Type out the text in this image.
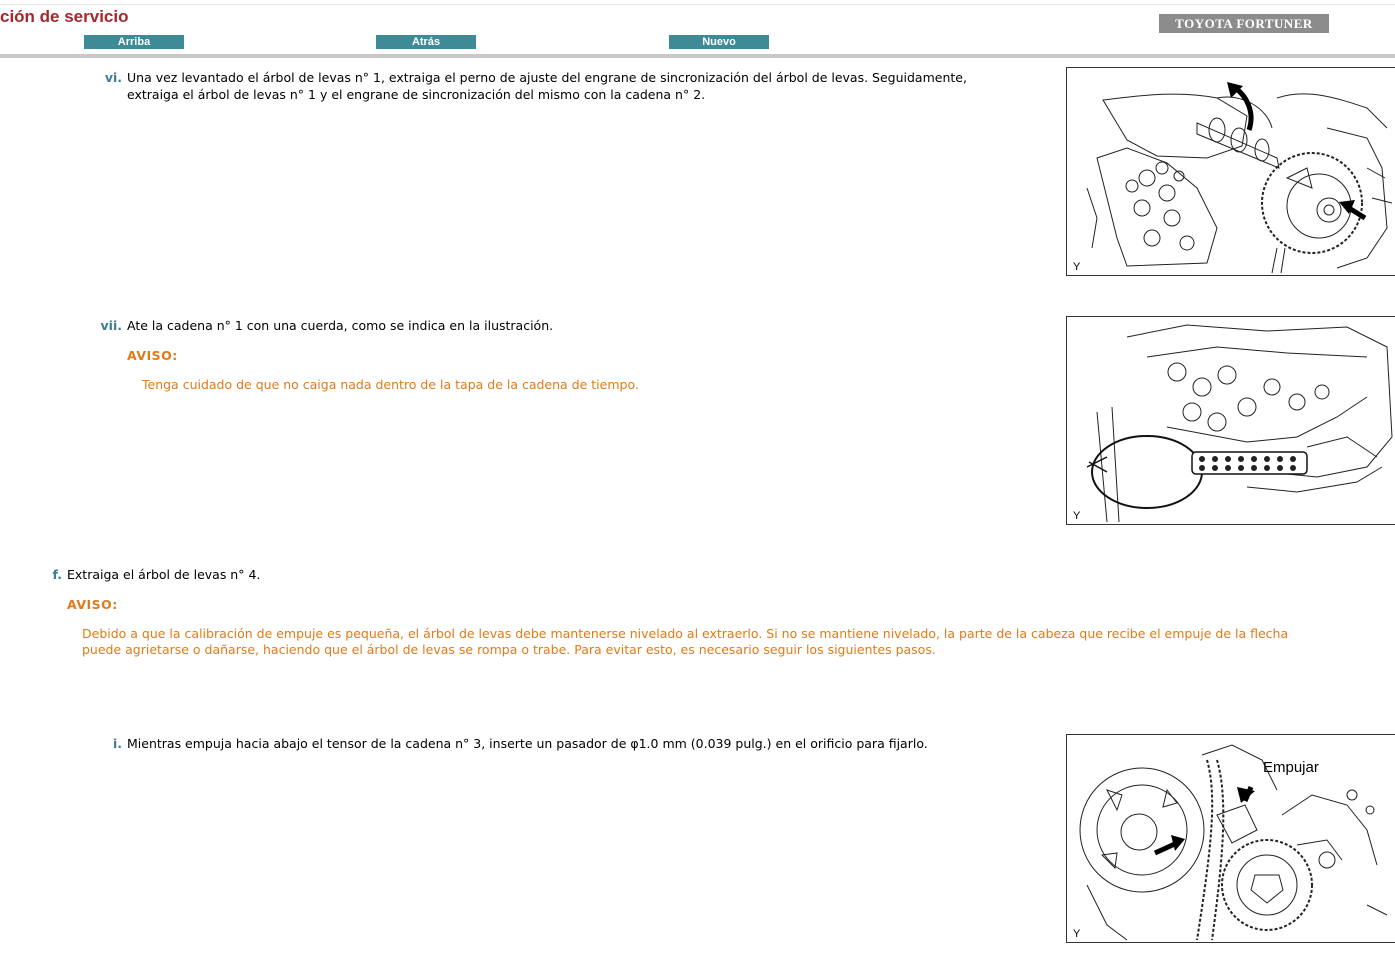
ción de servicio	TOYOTA FORTUNER
Arriba	Atrás	Nuevo
vi. Una vez levantado el árbol de levas n° 1, extraiga el perno de ajuste del engrane de sincronización del árbol de levas. Seguidamente,
extraiga el árbol de levas n° 1 y el engrane de sincronización del mismo con la cadena n° 2.
Y
vii. Ate la cadena n° 1 con una cuerda, como se indica en la ilustración.
AVISO:
Tenga cuidado de que no caiga nada dentro de la tapa de la cadena de tiempo.
Y
f. Extraiga el árbol de levas n° 4.
AVISO:
Debido a que la calibración de empuje es pequeña, el árbol de levas debe mantenerse nivelado al extraerlo. Si no se mantiene nivelado, la parte de la cabeza que recibe el empuje de la flecha
puede agrietarse o dañarse, haciendo que el árbol de levas se rompa o trabe. Para evitar esto, es necesario seguir los siguientes pasos.
i. Mientras empuja hacia abajo el tensor de la cadena n° 3, inserte un pasador de φ1.0 mm (0.039 pulg.) en el orificio para fijarlo.
Empujar
Y
